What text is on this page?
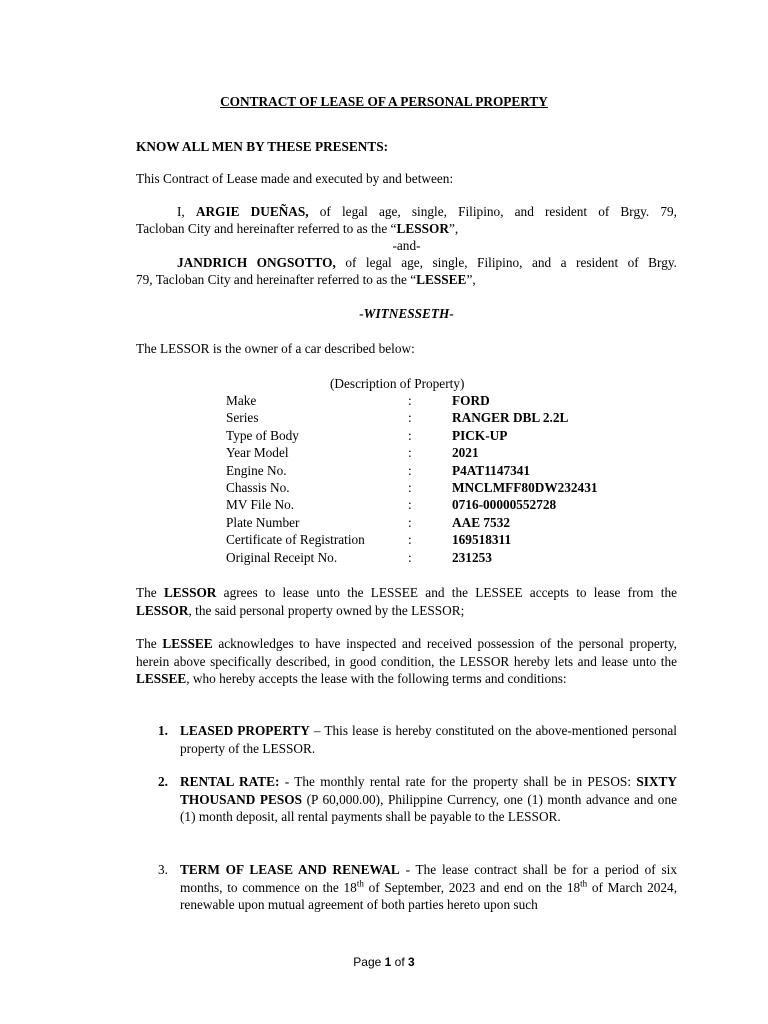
CONTRACT OF LEASE OF A PERSONAL PROPERTY
KNOW ALL MEN BY THESE PRESENTS:
This Contract of Lease made and executed by and between:
I, ARGIE DUEÑAS, of legal age, single, Filipino, and resident of Brgy. 79,
Tacloban City and hereinafter referred to as the “LESSOR”,
-and-
JANDRICH ONGSOTTO, of legal age, single, Filipino, and a resident of Brgy.
79, Tacloban City and hereinafter referred to as the “LESSEE”,
-WITNESSETH-
The LESSOR is the owner of a car described below:
(Description of Property)
Make	:	FORD
Series	:	RANGER DBL 2.2L
Type of Body	:	PICK-UP
Year Model	:	2021
Engine No.	:	P4AT1147341
Chassis No.	:	MNCLMFF80DW232431
MV File No.	:	0716-00000552728
Plate Number	:	AAE 7532
Certificate of Registration	:	169518311
Original Receipt No.	:	231253
The LESSOR agrees to lease unto the LESSEE and the LESSEE accepts to lease from the LESSOR, the said personal property owned by the LESSOR;
The LESSEE acknowledges to have inspected and received possession of the personal property, herein above specifically described, in good condition, the LESSOR hereby lets and lease unto the LESSEE, who hereby accepts the lease with the following terms and conditions:
1. LEASED PROPERTY – This lease is hereby constituted on the above-mentioned personal property of the LESSOR.
2. RENTAL RATE: - The monthly rental rate for the property shall be in PESOS: SIXTY THOUSAND PESOS (P 60,000.00), Philippine Currency, one (1) month advance and one (1) month deposit, all rental payments shall be payable to the LESSOR.
3. TERM OF LEASE AND RENEWAL - The lease contract shall be for a period of six months, to commence on the 18th of September, 2023 and end on the 18th of March 2024, renewable upon mutual agreement of both parties hereto upon such
Page 1 of 3
